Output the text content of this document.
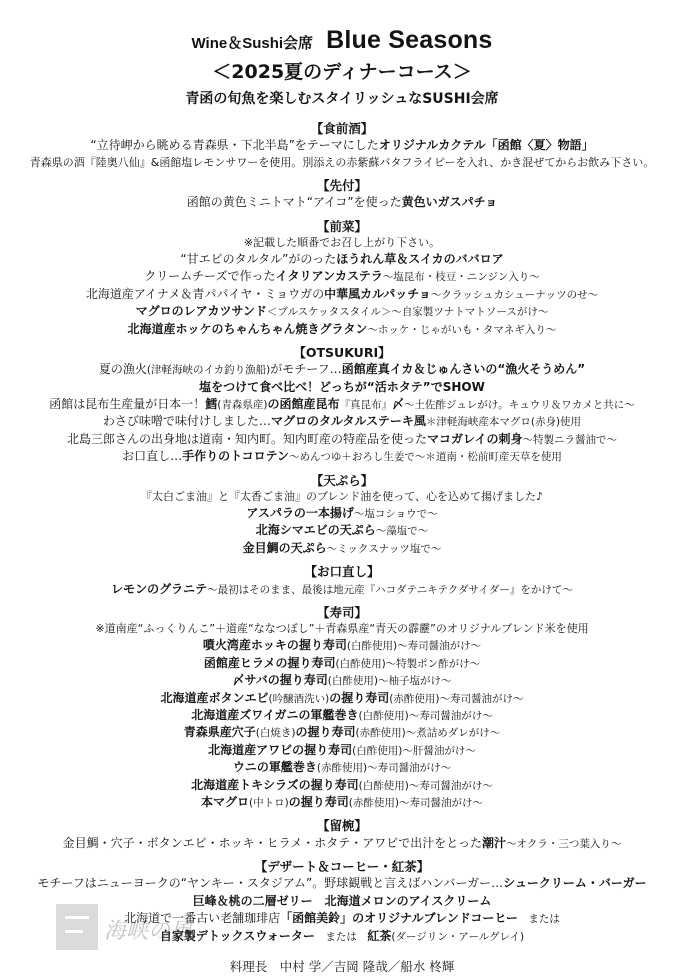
海峡の風
Wine＆Sushi会席 Blue Seasons
＜2025夏のディナーコース＞
青函の旬魚を楽しむスタイリッシュなSUSHI会席
【食前酒】
“立待岬から眺める青森県・下北半島”をテーマにしたオリジナルカクテル「函館〈夏〉物語」
青森県の酒『陸奥八仙』&函館塩レモンサワーを使用。別添えの赤紫蘇バタフライピーを入れ、かき混ぜてからお飲み下さい。
【先付】
函館の黄色ミニトマト“アイコ”を使った黄色いガスパチョ
【前菜】
※記載した順番でお召し上がり下さい。
“甘エビのタルタル”がのったほうれん草＆スイカのババロア
クリームチーズで作ったイタリアンカステラ～塩昆布・枝豆・ニンジン入り～
北海道産アイナメ＆青パパイヤ・ミョウガの中華風カルパッチョ～クラッシュカシューナッツのせ～
マグロのレアカツサンド＜ブルスケッタスタイル＞～自家製ツナトマトソースがけ～
北海道産ホッケのちゃんちゃん焼きグラタン～ホッケ・じゃがいも・タマネギ入り～
【OTSUKURI】
夏の漁火(津軽海峡のイカ釣り漁船)がモチーフ…函館産真イカ＆じゅんさいの“漁火そうめん”
塩をつけて食べ比べ！どっちが“活ホタテ”でSHOW
函館は昆布生産量が日本一！鱈(青森県産)の函館産昆布『真昆布』〆～土佐酢ジュレがけ。キュウリ＆ワカメと共に～
わさび味噌で味付けしました…マグロのタルタルステーキ風＊津軽海峡産本マグロ(赤身)使用
北島三郎さんの出身地は道南・知内町。知内町産の特産品を使ったマコガレイの刺身～特製ニラ醤油で～
お口直し…手作りのトコロテン～めんつゆ＋おろし生姜で～＊道南・松前町産天草を使用
【天ぷら】
『太白ごま油』と『太香ごま油』のブレンド油を使って、心を込めて揚げました♪
アスパラの一本揚げ～塩コショウで～
北海シマエビの天ぷら～藻塩で～
金目鯛の天ぷら～ミックスナッツ塩で～
【お口直し】
レモンのグラニテ～最初はそのまま、最後は地元産『ハコダテニキテクダサイダー』をかけて～
【寿司】
※道南産“ふっくりんこ”＋道産“ななつぼし”＋青森県産“青天の霹靂”のオリジナルブレンド米を使用
噴火湾産ホッキの握り寿司(白酢使用)～寿司醤油がけ～
函館産ヒラメの握り寿司(白酢使用)～特製ポン酢がけ～
〆サバの握り寿司(白酢使用)～柚子塩がけ～
北海道産ボタンエビ(吟醸酒洗い)の握り寿司(赤酢使用)～寿司醤油がけ～
北海道産ズワイガニの軍艦巻き(白酢使用)～寿司醤油がけ～
青森県産穴子(白焼き)の握り寿司(赤酢使用)～煮詰めダレがけ～
北海道産アワビの握り寿司(白酢使用)～肝醤油がけ～
ウニの軍艦巻き(赤酢使用)～寿司醤油がけ～
北海道産トキシラズの握り寿司(白酢使用)～寿司醤油がけ～
本マグロ(中トロ)の握り寿司(赤酢使用)～寿司醤油がけ～
【留椀】
金目鯛・穴子・ボタンエビ・ホッキ・ヒラメ・ホタテ・アワビで出汁をとった潮汁～オクラ・三つ葉入り～
【デザート＆コーヒー・紅茶】
モチーフはニューヨークの“ヤンキー・スタジアム”。野球観戦と言えばハンバーガー…シュークリーム・バーガー
巨峰＆桃の二層ゼリー　北海道メロンのアイスクリーム
北海道で一番古い老舗珈琲店「函館美鈴」のオリジナルブレンドコーヒー　または
自家製デトックスウォーター　または　紅茶(ダージリン・アールグレイ)
料理長　中村 学／吉岡 隆哉／船水 柊輝
